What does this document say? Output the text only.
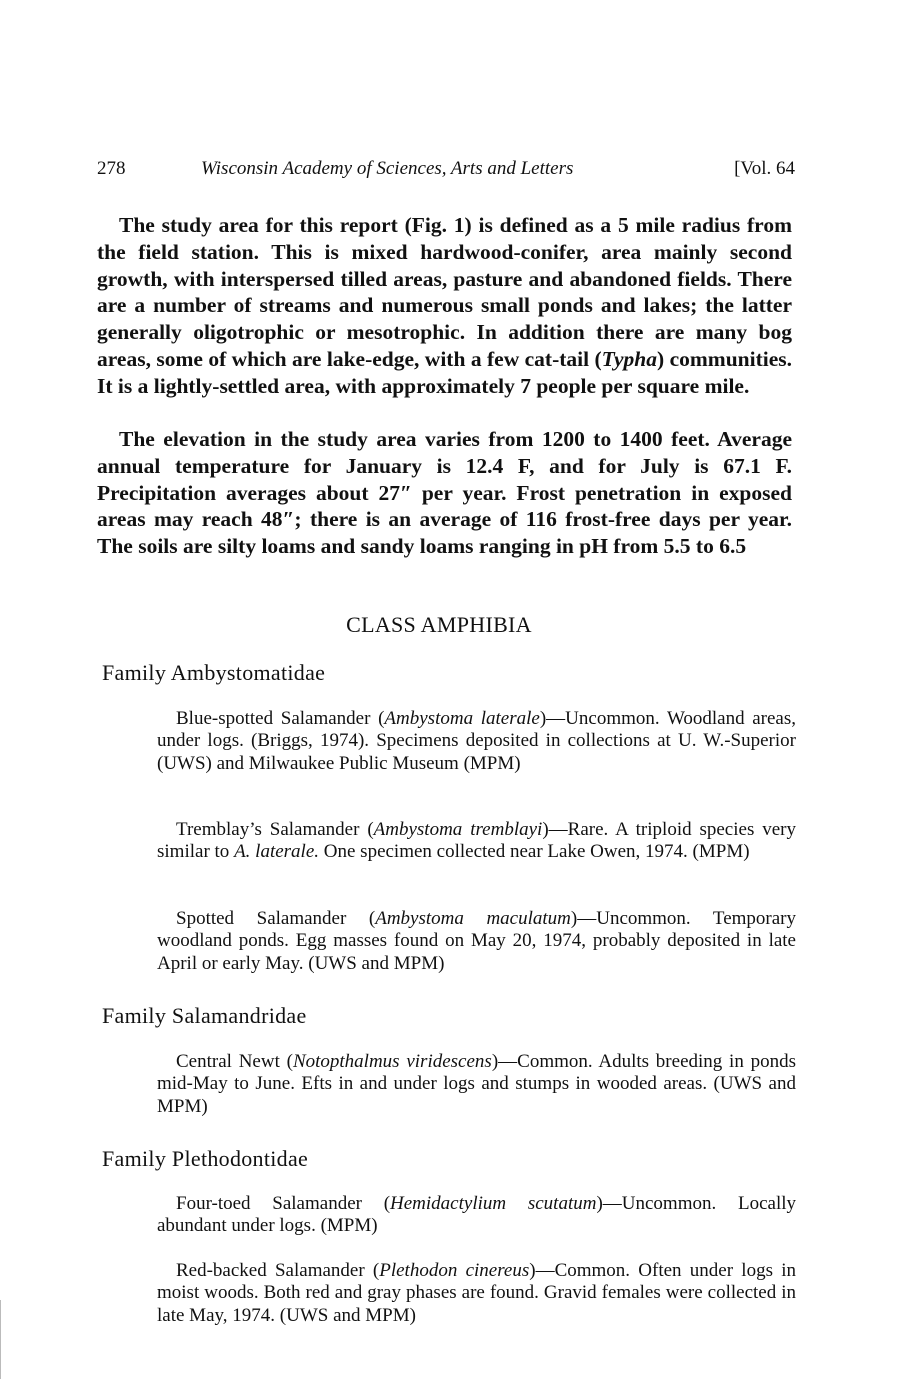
278	Wisconsin Academy of Sciences, Arts and Letters	[Vol. 64

The study area for this report (Fig. 1) is defined as a 5 mile radius from the field station. This is mixed hardwood-conifer, area mainly second growth, with interspersed tilled areas, pasture and abandoned fields. There are a number of streams and numerous small ponds and lakes; the latter generally oligotrophic or mesotrophic. In addition there are many bog areas, some of which are lake-edge, with a few cat-tail (Typha) communities. It is a lightly-settled area, with approximately 7 people per square mile.

The elevation in the study area varies from 1200 to 1400 feet. Average annual temperature for January is 12.4 F, and for July is 67.1 F. Precipitation averages about 27″ per year. Frost penetration in exposed areas may reach 48″; there is an average of 116 frost-free days per year. The soils are silty loams and sandy loams ranging in pH from 5.5 to 6.5

CLASS AMPHIBIA
Family Ambystomatidae

Blue-spotted Salamander (Ambystoma laterale)—Uncommon. Woodland areas, under logs. (Briggs, 1974). Specimens deposited in collections at U. W.-Superior (UWS) and Milwaukee Public Museum (MPM)

Tremblay’s Salamander (Ambystoma tremblayi)—Rare. A triploid species very similar to A. laterale. One specimen collected near Lake Owen, 1974. (MPM)

Spotted Salamander (Ambystoma maculatum)—Uncommon. Temporary woodland ponds. Egg masses found on May 20, 1974, probably deposited in late April or early May. (UWS and MPM)

Family Salamandridae

Central Newt (Notopthalmus viridescens)—Common. Adults breeding in ponds mid-May to June. Efts in and under logs and stumps in wooded areas. (UWS and MPM)

Family Plethodontidae

Four-toed Salamander (Hemidactylium scutatum)—Uncommon. Locally abundant under logs. (MPM)

Red-backed Salamander (Plethodon cinereus)—Common. Often under logs in moist woods. Both red and gray phases are found. Gravid females were collected in late May, 1974. (UWS and MPM)
